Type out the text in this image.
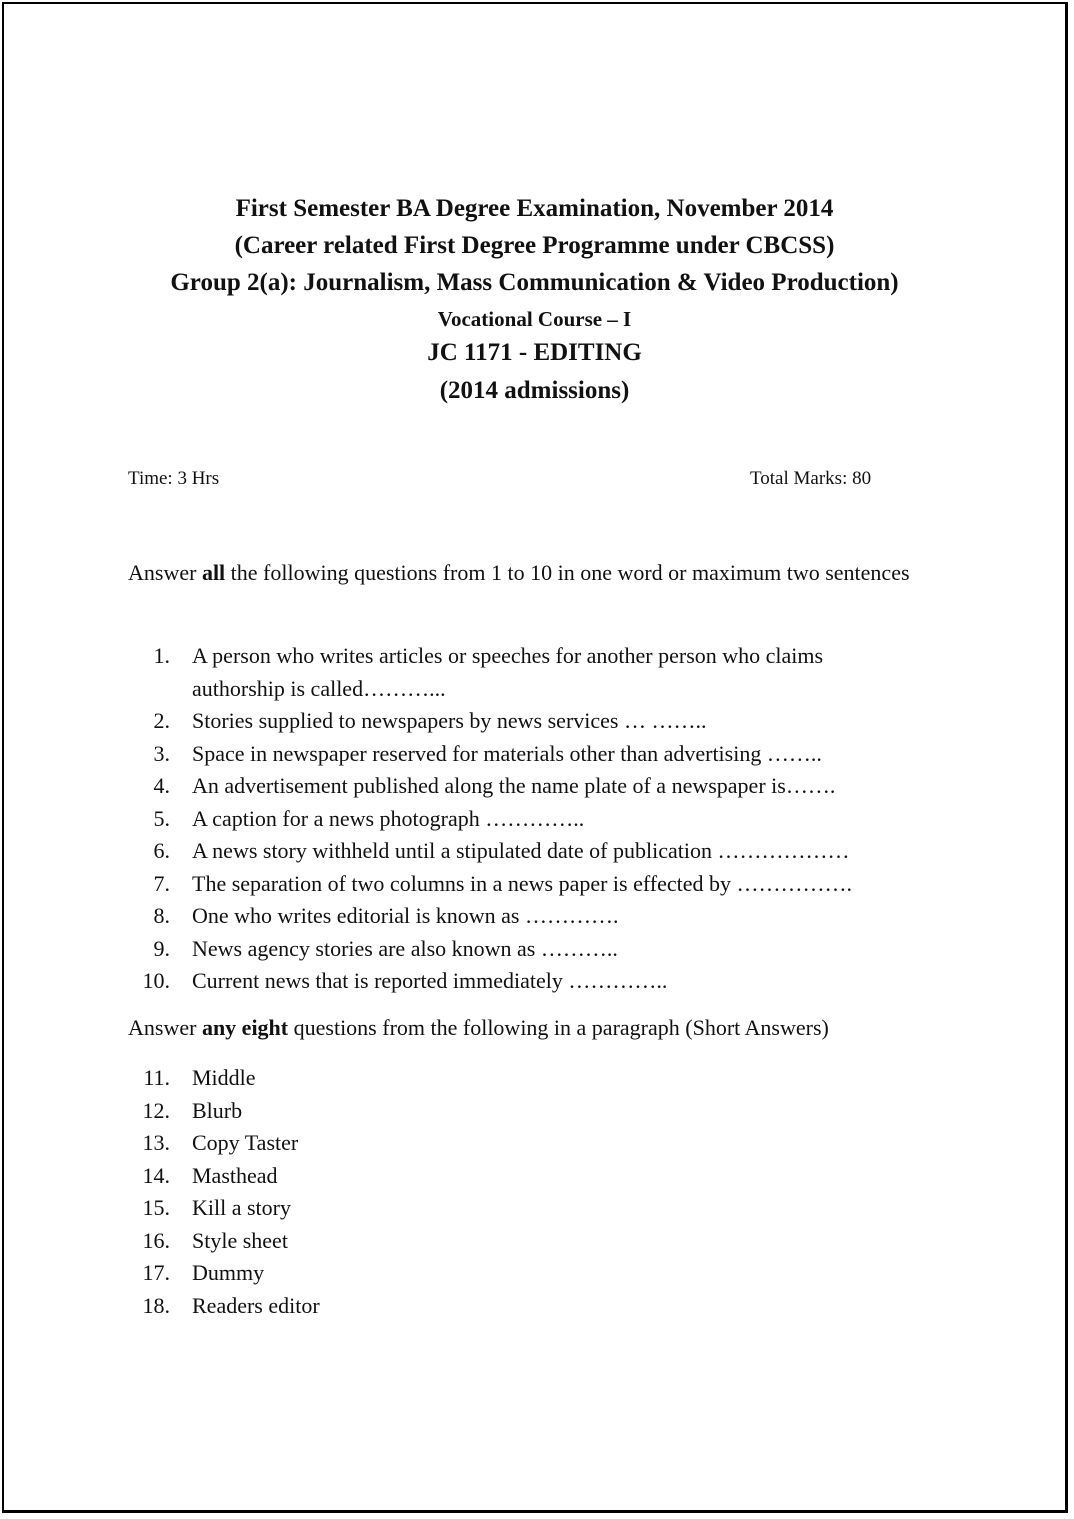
First Semester BA Degree Examination, November 2014
(Career related First Degree Programme under CBCSS)
Group 2(a): Journalism, Mass Communication & Video Production)
Vocational Course – I
JC 1171 - EDITING
(2014 admissions)
Time: 3 Hrs	Total Marks: 80
Answer all the following questions from 1 to 10 in one word or maximum two sentences
1.	A person who writes articles or speeches for another person who claims authorship is called………...
2.	Stories supplied to newspapers by news services … ……..
3.	Space in newspaper reserved for materials other than advertising ……..
4.	An advertisement published along the name plate of a newspaper is…….
5.	A caption for a news photograph …………..
6.	A news story withheld until a stipulated date of publication ………………
7.	The separation of two columns in a news paper is effected by …………….
8.	One who writes editorial is known as ………….
9.	News agency stories are also known as ………..
10.	Current news that is reported immediately …………..
Answer any eight questions from the following in a paragraph (Short Answers)
11.	Middle
12.	Blurb
13.	Copy Taster
14.	Masthead
15.	Kill a story
16.	Style sheet
17.	Dummy
18.	Readers editor
